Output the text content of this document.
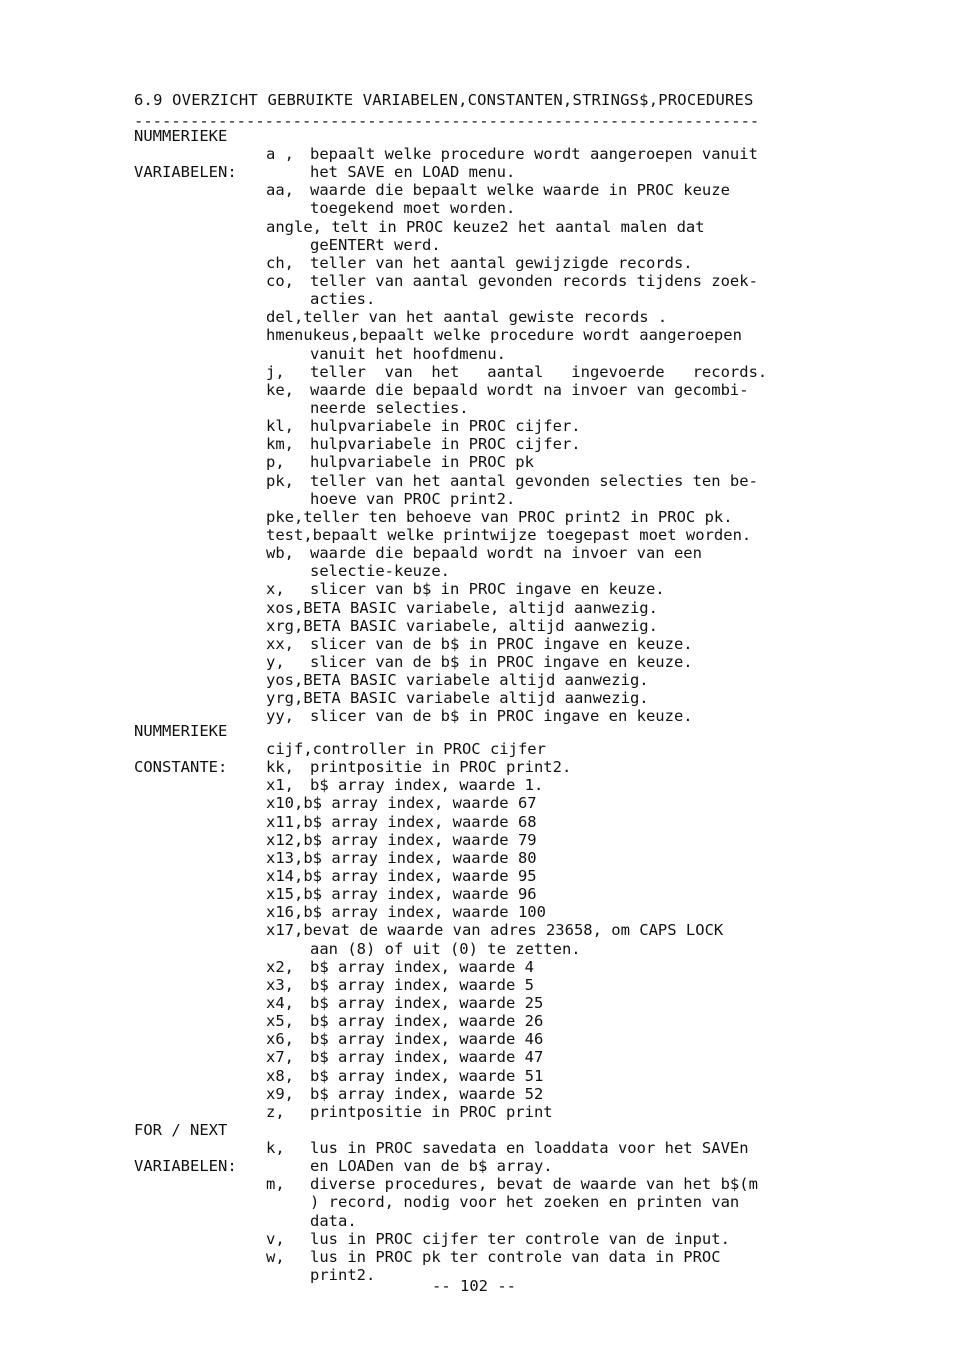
6.9 OVERZICHT GEBRUIKTE VARIABELEN,CONSTANTEN,STRINGS$,PROCEDURES
-------------------------------------------------------------------
NUMMERIEKE
a , bepaalt welke procedure wordt aangeroepen vanuit
VARIABELEN:	het SAVE en LOAD menu.
aa, waarde die bepaalt welke waarde in PROC keuze
toegekend moet worden.
angle, telt in PROC keuze2 het aantal malen dat
geENTERt werd.
ch, teller van het aantal gewijzigde records.
co, teller van aantal gevonden records tijdens zoek-
acties.
del,teller van het aantal gewiste records .
hmenukeus,bepaalt welke procedure wordt aangeroepen
vanuit het hoofdmenu.
j, teller  van  het   aantal   ingevoerde   records.
ke, waarde die bepaald wordt na invoer van gecombi-
neerde selecties.
kl, hulpvariabele in PROC cijfer.
km, hulpvariabele in PROC cijfer.
p, hulpvariabele in PROC pk
pk, teller van het aantal gevonden selecties ten be-
hoeve van PROC print2.
pke,teller ten behoeve van PROC print2 in PROC pk.
test,bepaalt welke printwijze toegepast moet worden.
wb, waarde die bepaald wordt na invoer van een
selectie-keuze.
x, slicer van b$ in PROC ingave en keuze.
xos,BETA BASIC variabele, altijd aanwezig.
xrg,BETA BASIC variabele, altijd aanwezig.
xx, slicer van de b$ in PROC ingave en keuze.
y, slicer van de b$ in PROC ingave en keuze.
yos,BETA BASIC variabele altijd aanwezig.
yrg,BETA BASIC variabele altijd aanwezig.
yy, slicer van de b$ in PROC ingave en keuze.
NUMMERIEKE
cijf,controller in PROC cijfer
CONSTANTE: kk, printpositie in PROC print2.
x1, b$ array index, waarde 1.
x10,b$ array index, waarde 67
x11,b$ array index, waarde 68
x12,b$ array index, waarde 79
x13,b$ array index, waarde 80
x14,b$ array index, waarde 95
x15,b$ array index, waarde 96
x16,b$ array index, waarde 100
x17,bevat de waarde van adres 23658, om CAPS LOCK
aan (8) of uit (0) te zetten.
x2, b$ array index, waarde 4
x3, b$ array index, waarde 5
x4, b$ array index, waarde 25
x5, b$ array index, waarde 26
x6, b$ array index, waarde 46
x7, b$ array index, waarde 47
x8, b$ array index, waarde 51
x9, b$ array index, waarde 52
z, printpositie in PROC print
FOR / NEXT
k, lus in PROC savedata en loaddata voor het SAVEn
VARIABELEN:	en LOADen van de b$ array.
m, diverse procedures, bevat de waarde van het b$(m
) record, nodig voor het zoeken en printen van
data.
v, lus in PROC cijfer ter controle van de input.
w, lus in PROC pk ter controle van data in PROC
print2.
-- 102 --
